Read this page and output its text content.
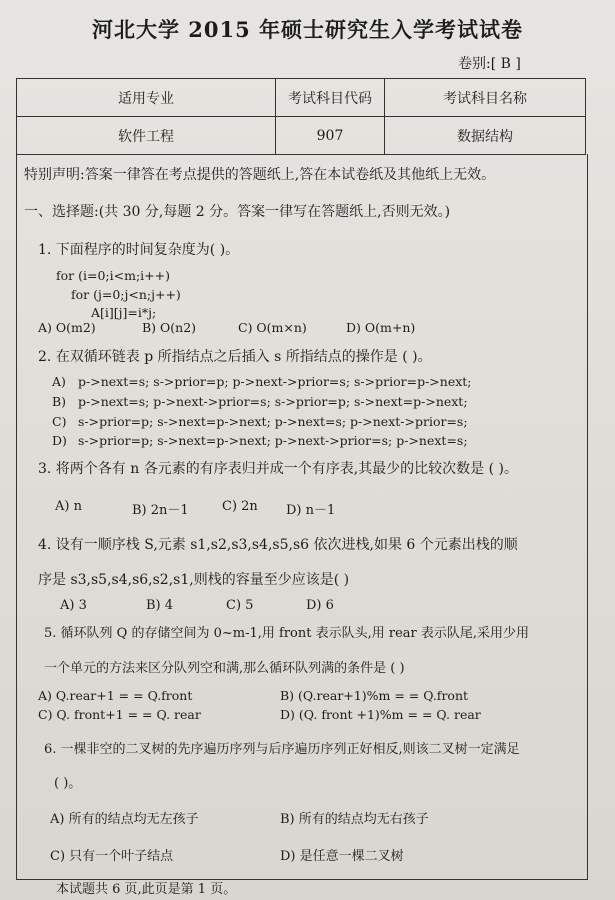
河北大学 2015 年硕士研究生入学考试试卷
卷别:[ B ]
适用专业	考试科目代码	考试科目名称
软件工程	907	数据结构
特别声明:答案一律答在考点提供的答题纸上,答在本试卷纸及其他纸上无效。
一、选择题:(共 30 分,每题 2 分。答案一律写在答题纸上,否则无效。)
1. 下面程序的时间复杂度为( )。
for (i=0;i<m;i++)
for (j=0;j<n;j++)
A[i][j]=i*j;
A) O(m2)	B) O(n2)	C) O(m×n)	D) O(m+n)
2. 在双循环链表 p 所指结点之后插入 s 所指结点的操作是 ( )。
A) p->next=s; s->prior=p; p->next->prior=s; s->prior=p->next;
B) p->next=s; p->next->prior=s; s->prior=p; s->next=p->next;
C) s->prior=p; s->next=p->next; p->next=s; p->next->prior=s;
D) s->prior=p; s->next=p->next; p->next->prior=s; p->next=s;
3. 将两个各有 n 各元素的有序表归并成一个有序表,其最少的比较次数是 ( )。
A) n	B) 2n－1	C) 2n D) n－1
4. 设有一顺序栈 S,元素 s1,s2,s3,s4,s5,s6 依次进栈,如果 6 个元素出栈的顺
序是 s3,s5,s4,s6,s2,s1,则栈的容量至少应该是( )
A) 3	B) 4	C) 5	D) 6
5. 循环队列 Q 的存储空间为 0~m-1,用 front 表示队头,用 rear 表示队尾,采用少用
一个单元的方法来区分队列空和满,那么循环队列满的条件是 ( )
A) Q.rear+1 = = Q.front	B) (Q.rear+1)%m = = Q.front
C) Q. front+1 = = Q. rear	D) (Q. front +1)%m = = Q. rear
6. 一棵非空的二叉树的先序遍历序列与后序遍历序列正好相反,则该二叉树一定满足
( )。
A) 所有的结点均无左孩子	B) 所有的结点均无右孩子
C) 只有一个叶子结点	D) 是任意一棵二叉树
本试题共 6 页,此页是第 1 页。
